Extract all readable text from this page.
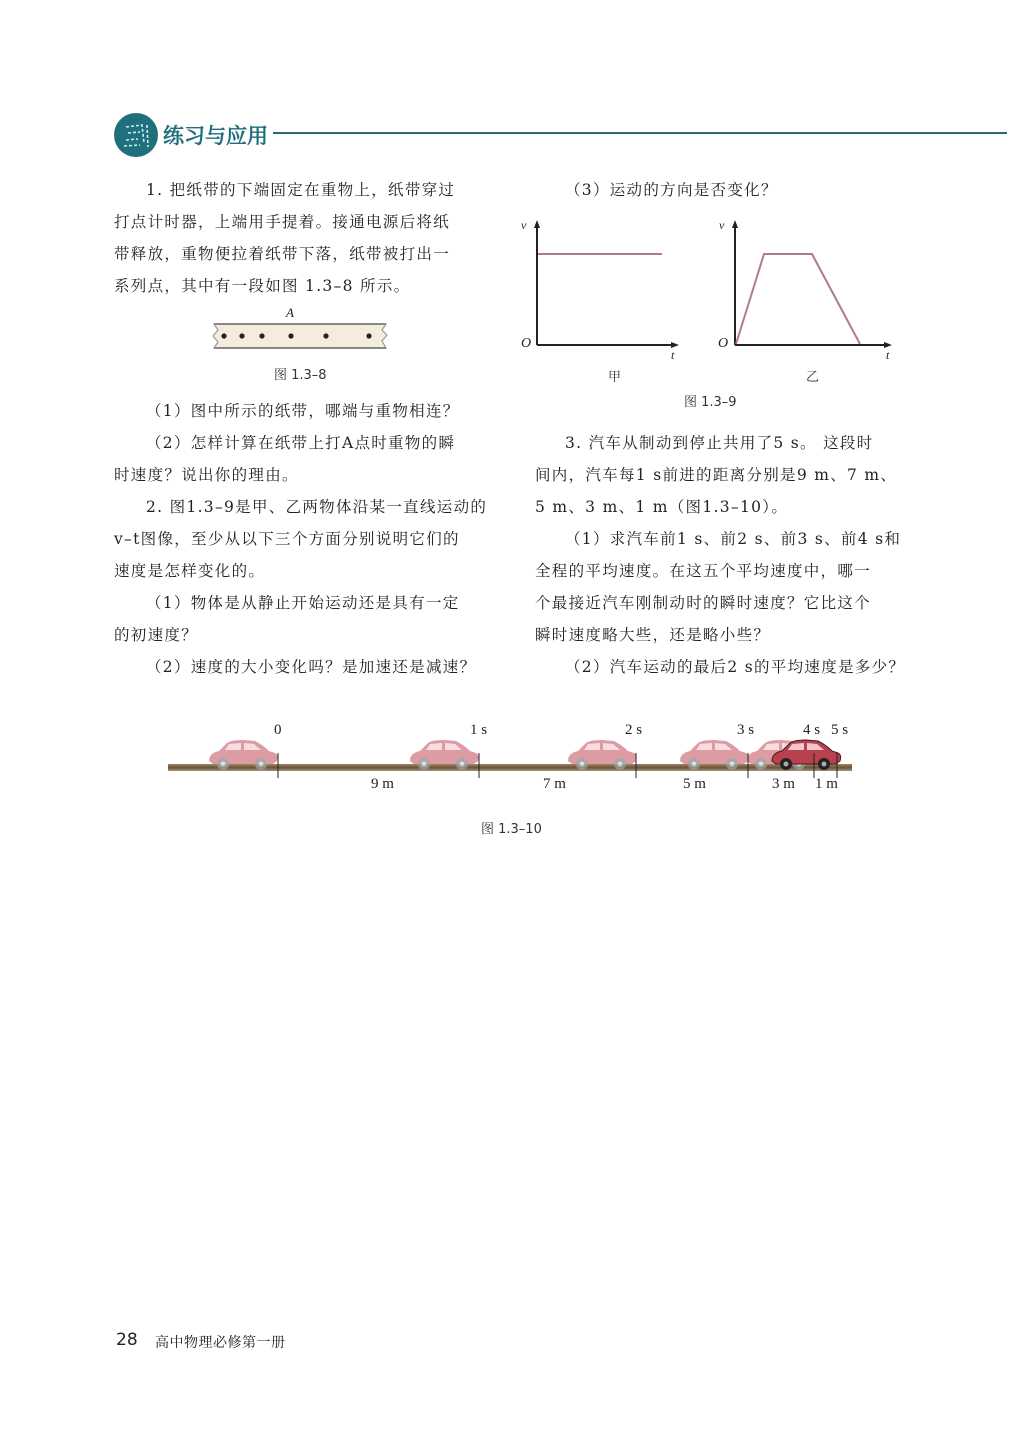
练习与应用
1. 把纸带的下端固定在重物上，纸带穿过
打点计时器，上端用手提着。接通电源后将纸
带释放，重物便拉着纸带下落，纸带被打出一
系列点，其中有一段如图 1.3–8 所示。
A
图 1.3–8
（1）图中所示的纸带，哪端与重物相连？
（2）怎样计算在纸带上打A点时重物的瞬
时速度？说出你的理由。
2. 图1.3–9是甲、乙两物体沿某一直线运动的
v–t图像，至少从以下三个方面分别说明它们的
速度是怎样变化的。
（1）物体是从静止开始运动还是具有一定
的初速度？
（2）速度的大小变化吗？是加速还是减速？
（3）运动的方向是否变化？
v
O
t
甲
v
O
t
乙
图 1.3–9
3. 汽车从制动到停止共用了5 s。 这段时
间内，汽车每1 s前进的距离分别是9 m、7 m、
5 m、3 m、1 m（图1.3–10）。
（1）求汽车前1 s、前2 s、前3 s、前4 s和
全程的平均速度。在这五个平均速度中，哪一
个最接近汽车刚制动时的瞬时速度？它比这个
瞬时速度略大些，还是略小些？
（2）汽车运动的最后2 s的平均速度是多少？
0	1 s	2 s	3 s	4 s 5 s
9 m	7 m	5 m	3 m 1 m
图 1.3–10
28 高中物理必修第一册
